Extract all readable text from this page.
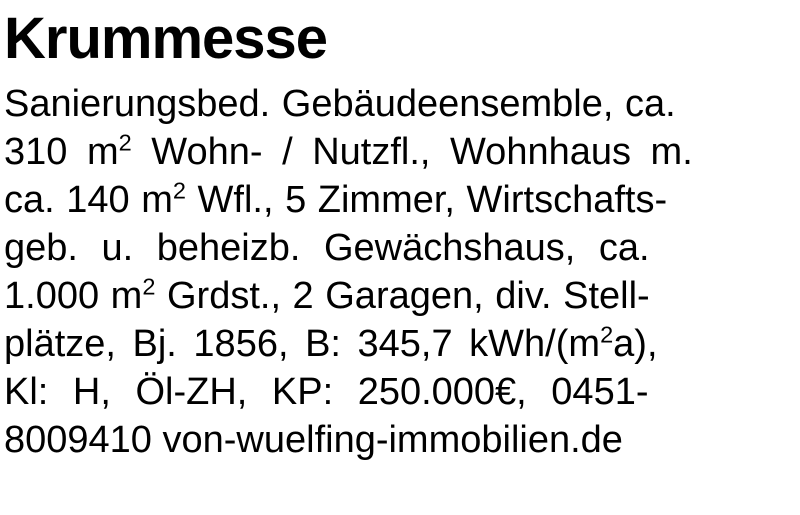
Krummesse
Sanierungsbed. Gebäudeensemble, ca.
310 $m^2$ Wohn- / Nutzfl., Wohnhaus m.
ca. 140 $m^2$ Wfl., 5 Zimmer, Wirtschafts-
geb. u. beheizb. Gewächshaus, ca.
1.000 $m^2$ Grdst., 2 Garagen, div. Stell-
plätze, Bj. 1856, B: 345,7 kWh/$(m^2a)$,
Kl: H, Öl-ZH, KP: 250.000€, 0451-
8009410 von-wuelfing-immobilien.de
